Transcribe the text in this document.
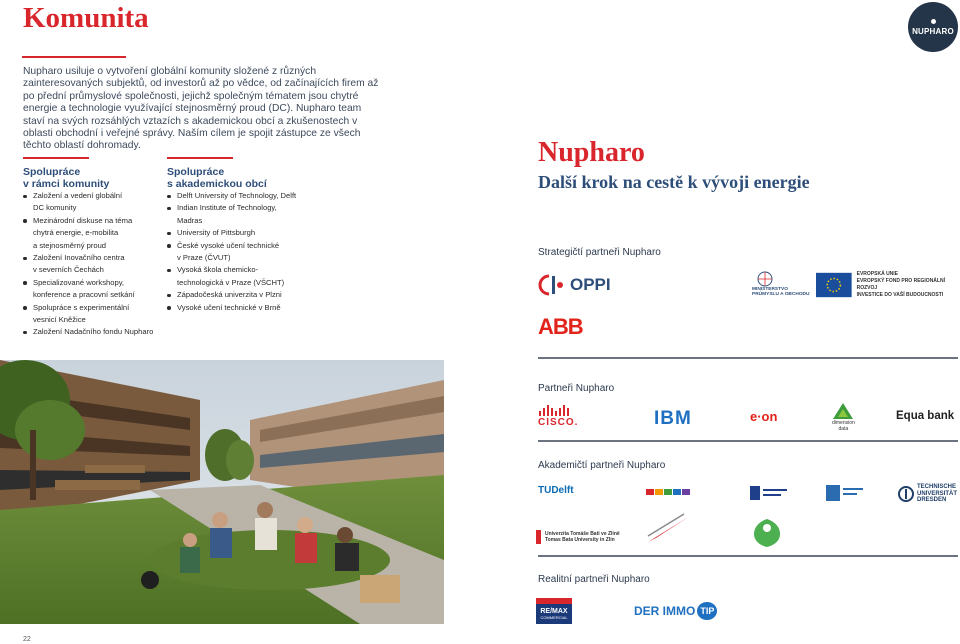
Komunita	NUPHARO

Nupharo usiluje o vytvoření globální komunity složené z různých zainteresovaných subjektů, od investorů až po vědce, od začínajících firem až po přední průmyslové společnosti, jejichž společným tématem jsou chytré energie a technologie využívající stejnosměrný proud (DC). Nupharo team staví na svých rozsáhlých vztazích s akademickou obcí a zkušenostech v oblasti obchodní i veřejné správy. Naším cílem je spojit zástupce ze všech těchto oblastí dohromady.

Spolupráce
v rámci komunity
Založení a vedení globální
DC komunity
Mezinárodní diskuse na téma
chytrá energie, e-mobilita
a stejnosměrný proud
Založení Inovačního centra
v severních Čechách
Specializované workshopy,
konference a pracovní setkání
Spolupráce s experimentální
vesnicí Kněžice
Založení Nadačního fondu Nupharo
Spolupráce
s akademickou obcí
Delft University of Technology, Delft
Indian Institute of Technology,
Madras
University of Pittsburgh
České vysoké učení technické
v Praze (ČVUT)
Vysoká škola chemicko-
technologická v Praze (VŠCHT)
Západočeská univerzita v Plzni
Vysoké učení technické v Brně
22
Nupharo
Další krok na cestě k vývoji energie
Strategičtí partneři Nupharo
OPPI
ABB
MINISTERSTVO
PRŮMYSLU A OBCHODU
EVROPSKÁ UNIE
EVROPSKÝ FOND PRO REGIONÁLNÍ ROZVOJ
INVESTICE DO VAŠÍ BUDOUCNOSTI
Partneři Nupharo
CISCO.	IBM	e·on	dimension
data
Equa bank
Akademičtí partneři Nupharo
TUDelft	TECHNISCHE
UNIVERSITÄT
DRESDEN
Univerzita Tomáše Bati ve Zlíně
Tomas Bata University in Zlín
Realitní partneři Nupharo
RE/MAX
COMMERCIAL	DER IMMO TIP
